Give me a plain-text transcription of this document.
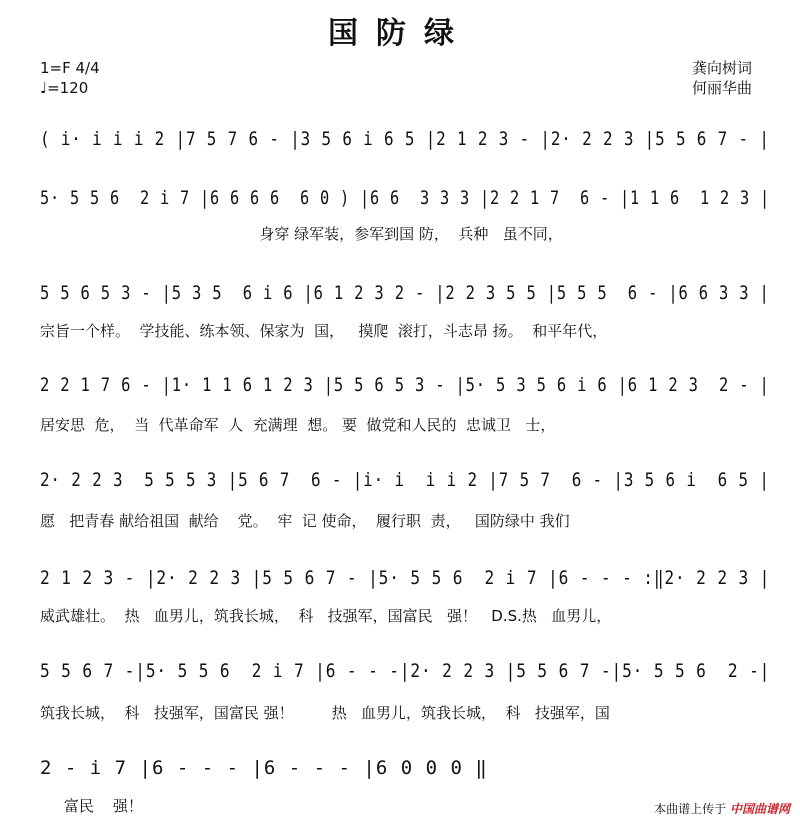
国防绿
1=F 4/4
♩=120
龚向树词
何丽华曲
( i· i i i 2 |7 5 7 6 - |3 5 6 i 6 5 |2 1 2 3 - |2· 2 2 3 |5 5 6 7 - |
5· 5 5 6  2 i 7 |6 6 6 6  6 0 ) |6 6  3 3 3 |2 2 1 7  6 - |1 1 6  1 2 3 |
身穿 绿军装，参军到国 防，  兵种   虽不同，
5 5 6 5 3 - |5 3 5  6 i 6 |6 1 2 3 2 - |2 2 3 5 5 |5 5 5  6 - |6 6 3 3 |
宗旨一个样。  学技能、练本领、保家为  国，   摸爬  滚打，斗志昂 扬。  和平年代，
2 2 1 7 6 - |1· 1 1 6 1 2 3 |5 5 6 5 3 - |5· 5 3 5 6 i 6 |6 1 2 3  2 - |
居安思  危，  当  代革命军  人  充满理  想。 要  做党和人民的  忠诚卫   士，
2· 2 2 3  5 5 5 3 |5 6 7  6 - |i· i  i i 2 |7 5 7  6 - |3 5 6 i  6 5 |
愿   把青春 献给祖国  献给    党。  牢  记 使命，  履行职  责，   国防绿中 我们
2 1 2 3 - |2· 2 2 3 |5 5 6 7 - |5· 5 5 6  2 i 7 |6 - - - :‖2· 2 2 3 |
威武雄壮。  热   血男儿，筑我长城，  科   技强军，国富民   强！   D.S.热   血男儿，
5 5 6 7 -|5· 5 5 6  2 i 7 |6 - - -|2· 2 2 3 |5 5 6 7 -|5· 5 5 6  2 -|
筑我长城，  科   技强军，国富民 强！        热   血男儿，筑我长城，  科   技强军，国
2 - i 7 |6 - - - |6 - - - |6 0 0 0 ‖
富民    强！	本曲谱上传于 中国曲谱网
